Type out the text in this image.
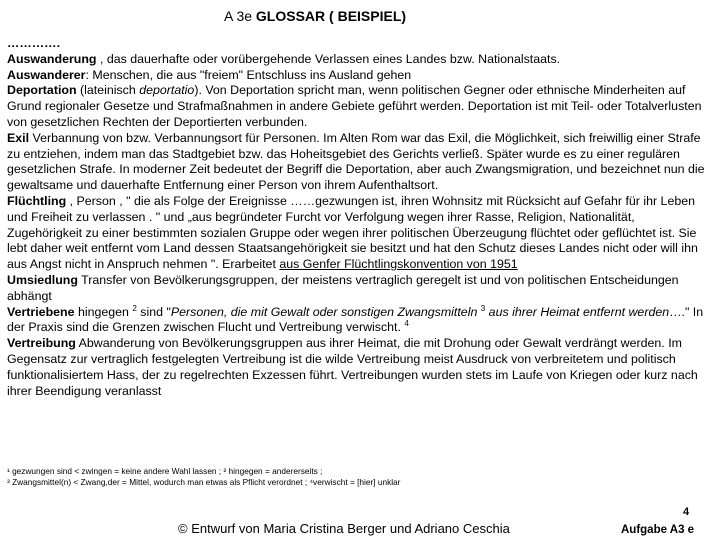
A 3e GLOSSAR ( BEISPIEL)

………….

Auswanderung , das dauerhafte oder vorübergehende Verlassen eines Landes bzw. Nationalstaats.

Auswanderer: Menschen, die aus "freiem" Entschluss ins Ausland gehen

Deportation (lateinisch deportatio). Von Deportation spricht man, wenn politischen Gegner oder ethnische Minderheiten auf Grund regionaler Gesetze und Strafmaßnahmen in andere Gebiete geführt werden. Deportation ist mit Teil- oder Totalverlusten von gesetzlichen Rechten der Deportierten verbunden.

Exil Verbannung von bzw. Verbannungsort für Personen. Im Alten Rom war das Exil, die Möglichkeit, sich freiwillig einer Strafe zu entziehen, indem man das Stadtgebiet bzw. das Hoheitsgebiet des Gerichts verließ. Später wurde es zu einer regulären gesetzlichen Strafe. In moderner Zeit bedeutet der Begriff die Deportation, aber auch Zwangsmigration, und bezeichnet nun die gewaltsame und dauerhafte Entfernung einer Person von ihrem Aufenthaltsort.

Flüchtling , Person , " die als Folge der Ereignisse ……gezwungen ist, ihren Wohnsitz mit Rücksicht auf Gefahr für ihr Leben und Freiheit zu verlassen . " und „aus begründeter Furcht vor Verfolgung wegen ihrer Rasse, Religion, Nationalität, Zugehörigkeit zu einer bestimmten sozialen Gruppe oder wegen ihrer politischen Überzeugung flüchtet oder geflüchtet ist. Sie lebt daher weit entfernt vom Land dessen Staatsangehörigkeit sie besitzt und hat den Schutz dieses Landes nicht oder will ihn aus Angst nicht in Anspruch nehmen ". Erarbeitet aus Genfer Flüchtlingskonvention von 1951

Umsiedlung Transfer von Bevölkerungsgruppen, der meistens vertraglich geregelt ist und von politischen Entscheidungen abhängt

Vertriebene hingegen $^2$ sind "Personen, die mit Gewalt oder sonstigen Zwangsmitteln $^3$ aus ihrer Heimat entfernt werden…." In der Praxis sind die Grenzen zwischen Flucht und Vertreibung verwischt. $^4$

Vertreibung Abwanderung von Bevölkerungsgruppen aus ihrer Heimat, die mit Drohung oder Gewalt verdrängt werden. Im Gegensatz zur vertraglich festgelegten Vertreibung ist die wilde Vertreibung meist Ausdruck von verbreitetem und politisch funktionalisiertem Hass, der zu regelrechten Exzessen führt. Vertreibungen wurden stets im Laufe von Kriegen oder kurz nach ihrer Beendigung veranlasst

¹ gezwungen sind < zwingen = keine andere Wahl lassen ; ² hingegen = andererseits ;

³ Zwangsmittel(n) < Zwang,der = Mittel, wodurch man etwas als Pflicht verordnet ; ⁴verwischt = [hier] unklar

© Entwurf von Maria Cristina Berger und Adriano Ceschia
4
Aufgabe A3 e
